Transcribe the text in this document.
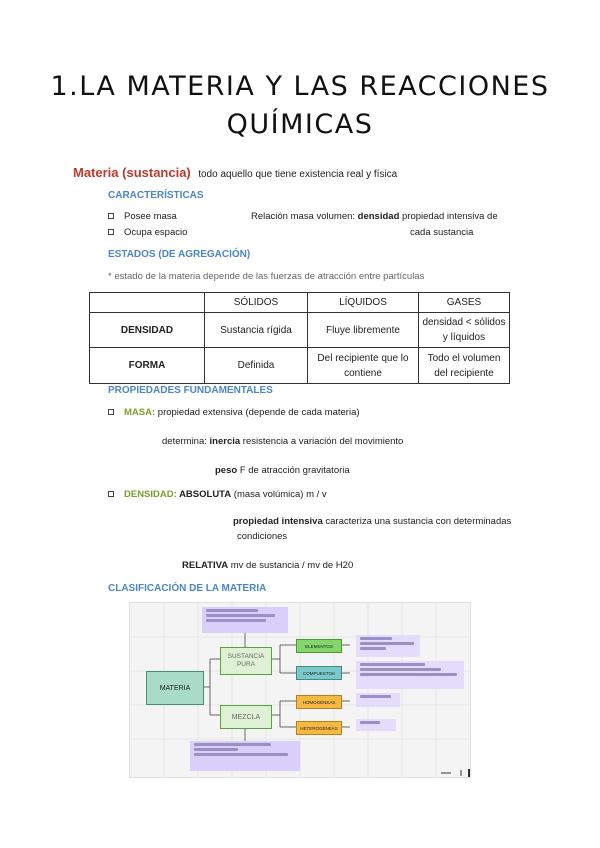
1.LA MATERIA Y LAS REACCIONES
QUÍMICAS
Materia (sustancia) todo aquello que tiene existencia real y física
CARACTERÍSTICAS
Posee masa
Ocupa espacio
Relación masa volumen: densidad propiedad intensiva de
cada sustancia
ESTADOS (DE AGREGACIÓN)
* estado de la materia depende de las fuerzas de atracción entre partículas
	SÓLIDOS	LÍQUIDOS	GASES
DENSIDAD	Sustancia rígida	Fluye libremente	densidad < sólidos y líquidos
FORMA	Definida	Del recipiente que lo contiene	Todo el volumen del recipiente
PROPIEDADES FUNDAMENTALES
MASA: propiedad extensiva (depende de cada materia)
determina: inercia resistencia a variación del movimiento
peso F de atracción gravitatoria
DENSIDAD: ABSOLUTA (masa volúmica) m / v
propiedad intensiva caracteriza una sustancia con determinadas
condiciones
RELATIVA mv de sustancia / mv de H20
CLASIFICACIÓN DE LA MATERIA
MATERIA
SUSTANCIA PURA
MEZCLA
ELEMENTOS
COMPUESTOS
HOMOGÉNEAS
HETEROGÉNEAS
